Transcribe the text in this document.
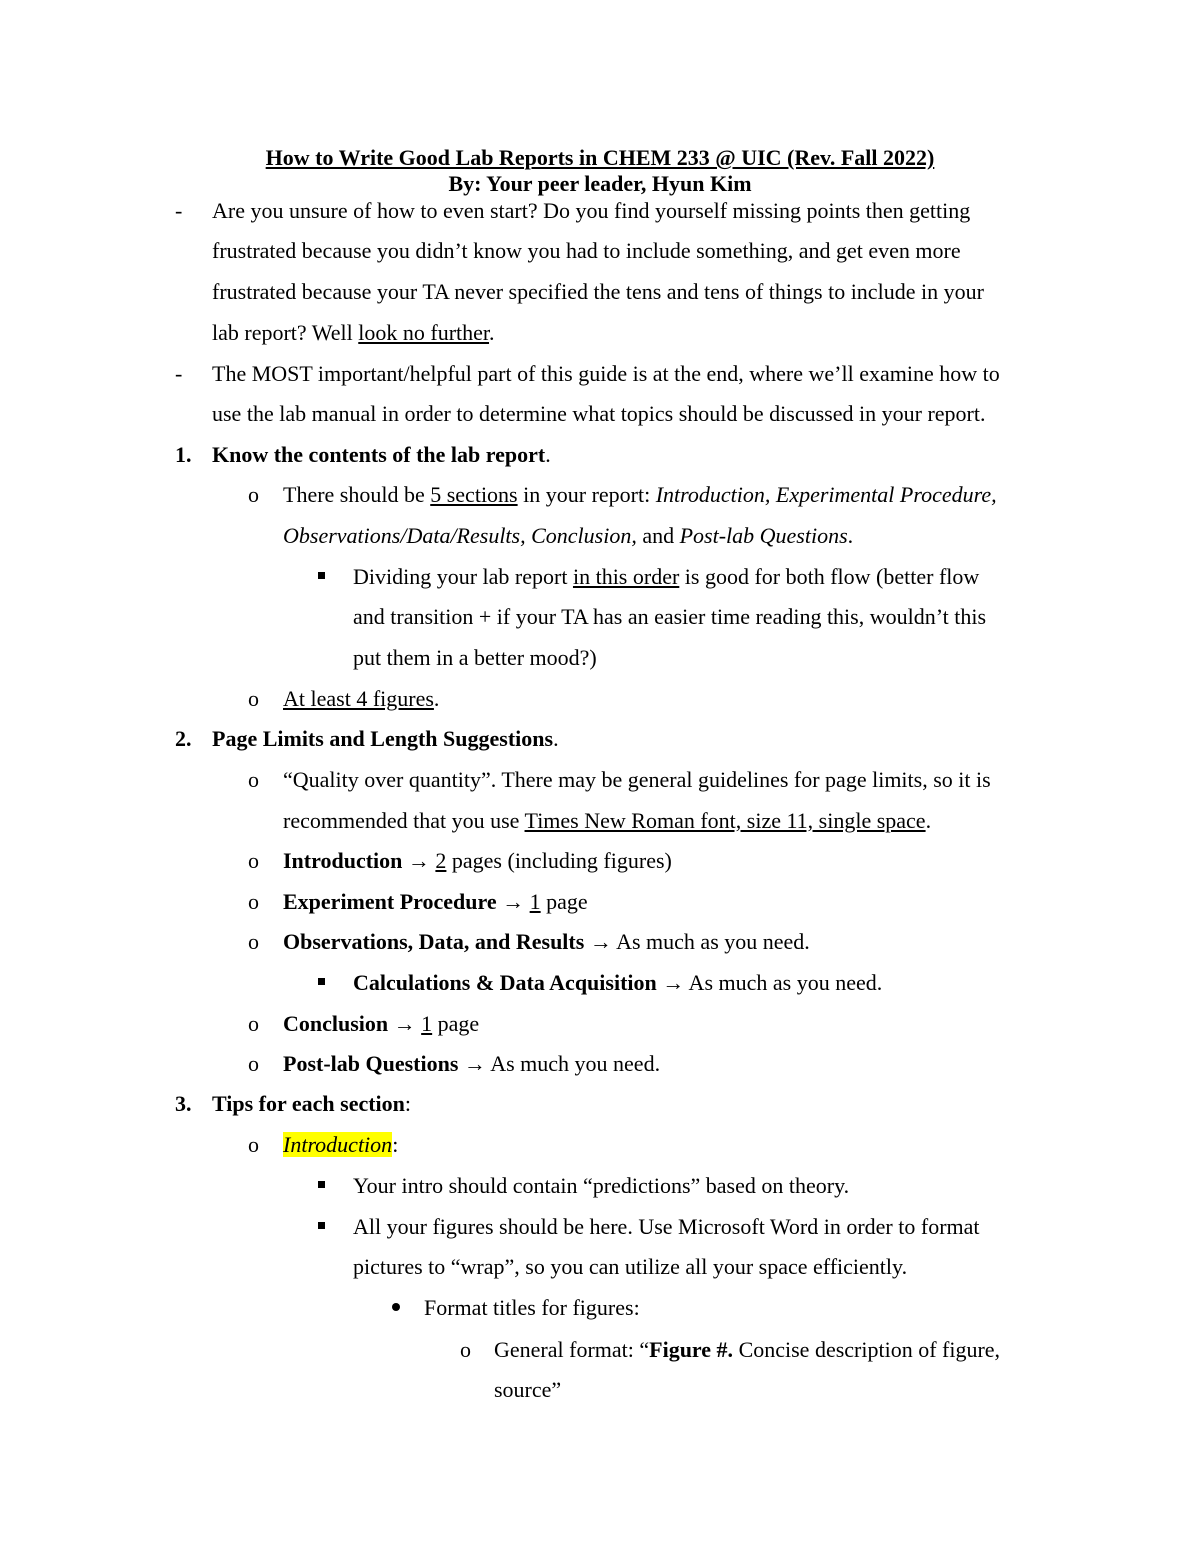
How to Write Good Lab Reports in CHEM 233 @ UIC (Rev. Fall 2022)
By: Your peer leader, Hyun Kim
- Are you unsure of how to even start? Do you find yourself missing points then getting
frustrated because you didn’t know you had to include something, and get even more
frustrated because your TA never specified the tens and tens of things to include in your
lab report? Well look no further.
- The MOST important/helpful part of this guide is at the end, where we’ll examine how to
use the lab manual in order to determine what topics should be discussed in your report.
1. Know the contents of the lab report.
o There should be 5 sections in your report: Introduction, Experimental Procedure,
Observations/Data/Results, Conclusion, and Post-lab Questions.
Dividing your lab report in this order is good for both flow (better flow
and transition + if your TA has an easier time reading this, wouldn’t this
put them in a better mood?)
o At least 4 figures.
2. Page Limits and Length Suggestions.
o “Quality over quantity”. There may be general guidelines for page limits, so it is
recommended that you use Times New Roman font, size 11, single space.
o Introduction → 2 pages (including figures)
o Experiment Procedure → 1 page
o Observations, Data, and Results → As much as you need.
Calculations & Data Acquisition → As much as you need.
o Conclusion → 1 page
o Post-lab Questions → As much you need.
3. Tips for each section:
o Introduction:
Your intro should contain “predictions” based on theory.
All your figures should be here. Use Microsoft Word in order to format
pictures to “wrap”, so you can utilize all your space efficiently.
Format titles for figures:
o General format: “Figure #. Concise description of figure,
source”
